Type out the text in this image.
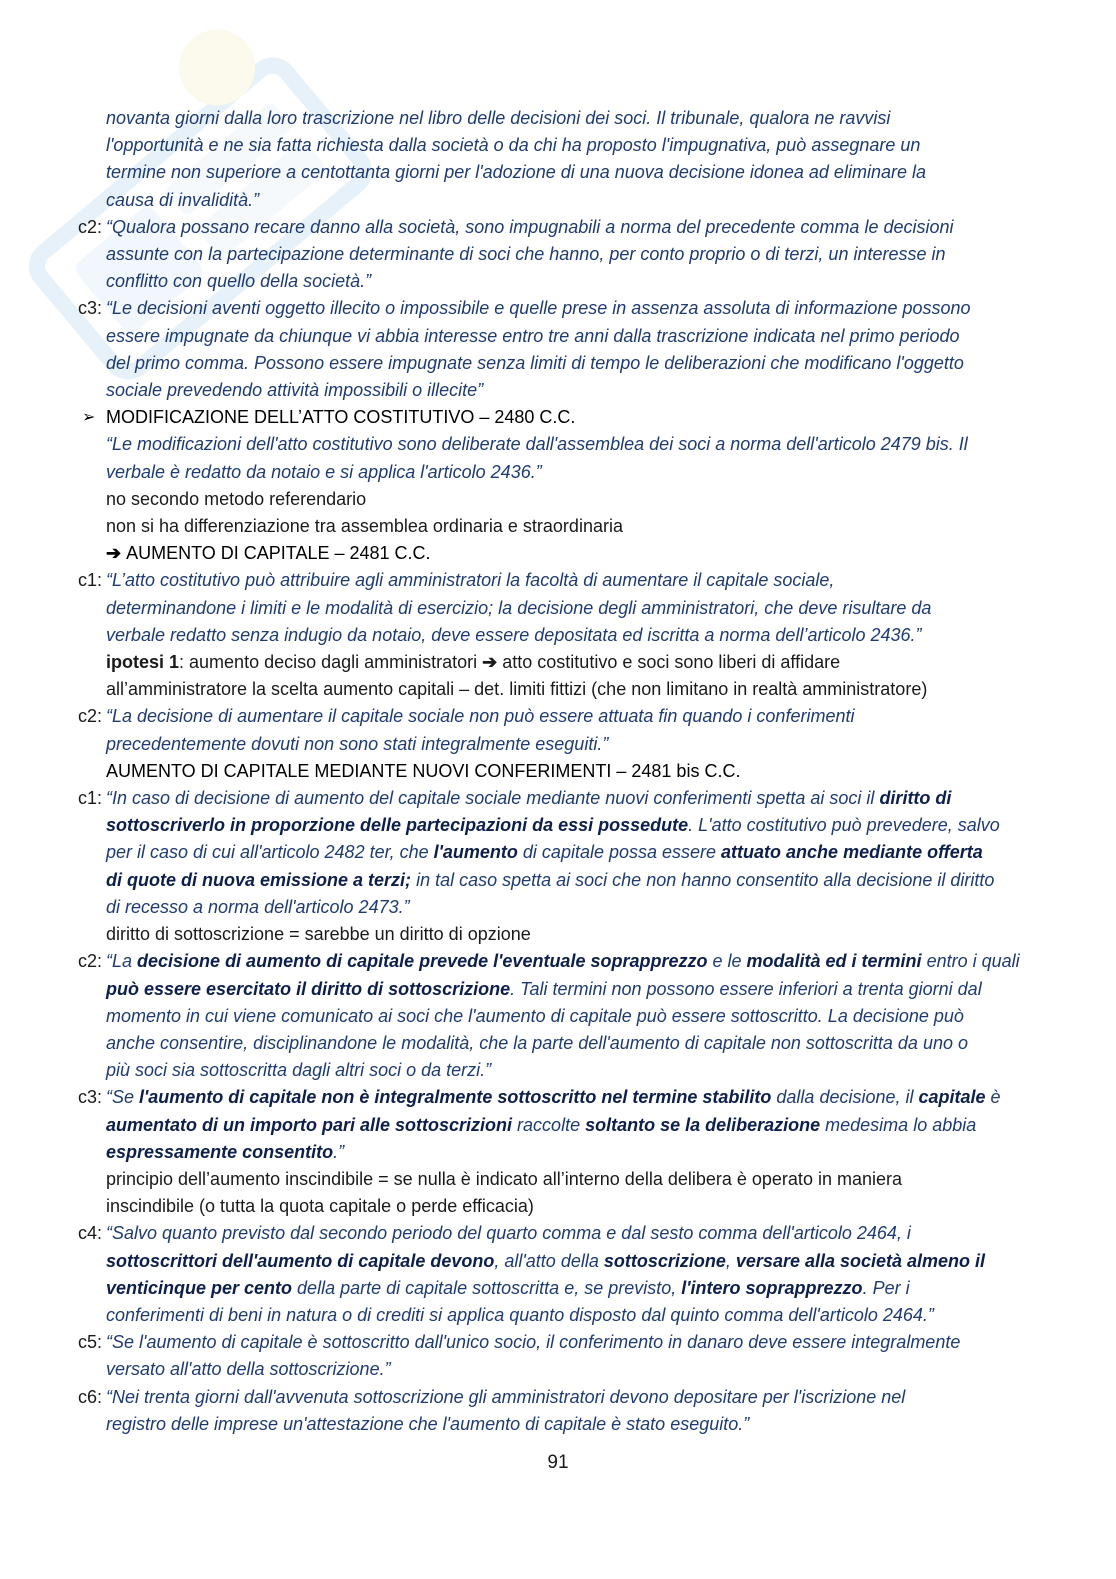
novanta giorni dalla loro trascrizione nel libro delle decisioni dei soci. Il tribunale, qualora ne ravvisi
l'opportunità e ne sia fatta richiesta dalla società o da chi ha proposto l'impugnativa, può assegnare un
termine non superiore a centottanta giorni per l'adozione di una nuova decisione idonea ad eliminare la
causa di invalidità.”
c2: “Qualora possano recare danno alla società, sono impugnabili a norma del precedente comma le decisioni
assunte con la partecipazione determinante di soci che hanno, per conto proprio o di terzi, un interesse in
conflitto con quello della società.”
c3: “Le decisioni aventi oggetto illecito o impossibile e quelle prese in assenza assoluta di informazione possono
essere impugnate da chiunque vi abbia interesse entro tre anni dalla trascrizione indicata nel primo periodo
del primo comma. Possono essere impugnate senza limiti di tempo le deliberazioni che modificano l'oggetto
sociale prevedendo attività impossibili o illecite”
➢ MODIFICAZIONE DELL’ATTO COSTITUTIVO – 2480 C.C.
“Le modificazioni dell'atto costitutivo sono deliberate dall'assemblea dei soci a norma dell'articolo 2479 bis. Il
verbale è redatto da notaio e si applica l'articolo 2436.”
no secondo metodo referendario
non si ha differenziazione tra assemblea ordinaria e straordinaria
➔ AUMENTO DI CAPITALE – 2481 C.C.
c1: “L’atto costitutivo può attribuire agli amministratori la facoltà di aumentare il capitale sociale,
determinandone i limiti e le modalità di esercizio; la decisione degli amministratori, che deve risultare da
verbale redatto senza indugio da notaio, deve essere depositata ed iscritta a norma dell’articolo 2436.”
ipotesi 1: aumento deciso dagli amministratori ➔ atto costitutivo e soci sono liberi di affidare
all’amministratore la scelta aumento capitali – det. limiti fittizi (che non limitano in realtà amministratore)
c2: “La decisione di aumentare il capitale sociale non può essere attuata fin quando i conferimenti
precedentemente dovuti non sono stati integralmente eseguiti.”
AUMENTO DI CAPITALE MEDIANTE NUOVI CONFERIMENTI – 2481 bis C.C.
c1: “In caso di decisione di aumento del capitale sociale mediante nuovi conferimenti spetta ai soci il diritto di
sottoscriverlo in proporzione delle partecipazioni da essi possedute. L'atto costitutivo può prevedere, salvo
per il caso di cui all'articolo 2482 ter, che l'aumento di capitale possa essere attuato anche mediante offerta
di quote di nuova emissione a terzi; in tal caso spetta ai soci che non hanno consentito alla decisione il diritto
di recesso a norma dell'articolo 2473.”
diritto di sottoscrizione = sarebbe un diritto di opzione
c2: “La decisione di aumento di capitale prevede l'eventuale soprapprezzo e le modalità ed i termini entro i quali
può essere esercitato il diritto di sottoscrizione. Tali termini non possono essere inferiori a trenta giorni dal
momento in cui viene comunicato ai soci che l'aumento di capitale può essere sottoscritto. La decisione può
anche consentire, disciplinandone le modalità, che la parte dell'aumento di capitale non sottoscritta da uno o
più soci sia sottoscritta dagli altri soci o da terzi.”
c3: “Se l'aumento di capitale non è integralmente sottoscritto nel termine stabilito dalla decisione, il capitale è
aumentato di un importo pari alle sottoscrizioni raccolte soltanto se la deliberazione medesima lo abbia
espressamente consentito.”
principio dell’aumento inscindibile = se nulla è indicato all’interno della delibera è operato in maniera
inscindibile (o tutta la quota capitale o perde efficacia)
c4: “Salvo quanto previsto dal secondo periodo del quarto comma e dal sesto comma dell'articolo 2464, i
sottoscrittori dell'aumento di capitale devono, all'atto della sottoscrizione, versare alla società almeno il
venticinque per cento della parte di capitale sottoscritta e, se previsto, l'intero soprapprezzo. Per i
conferimenti di beni in natura o di crediti si applica quanto disposto dal quinto comma dell'articolo 2464.”
c5: “Se l'aumento di capitale è sottoscritto dall'unico socio, il conferimento in danaro deve essere integralmente
versato all'atto della sottoscrizione.”
c6: “Nei trenta giorni dall'avvenuta sottoscrizione gli amministratori devono depositare per l'iscrizione nel
registro delle imprese un'attestazione che l'aumento di capitale è stato eseguito.”
91
